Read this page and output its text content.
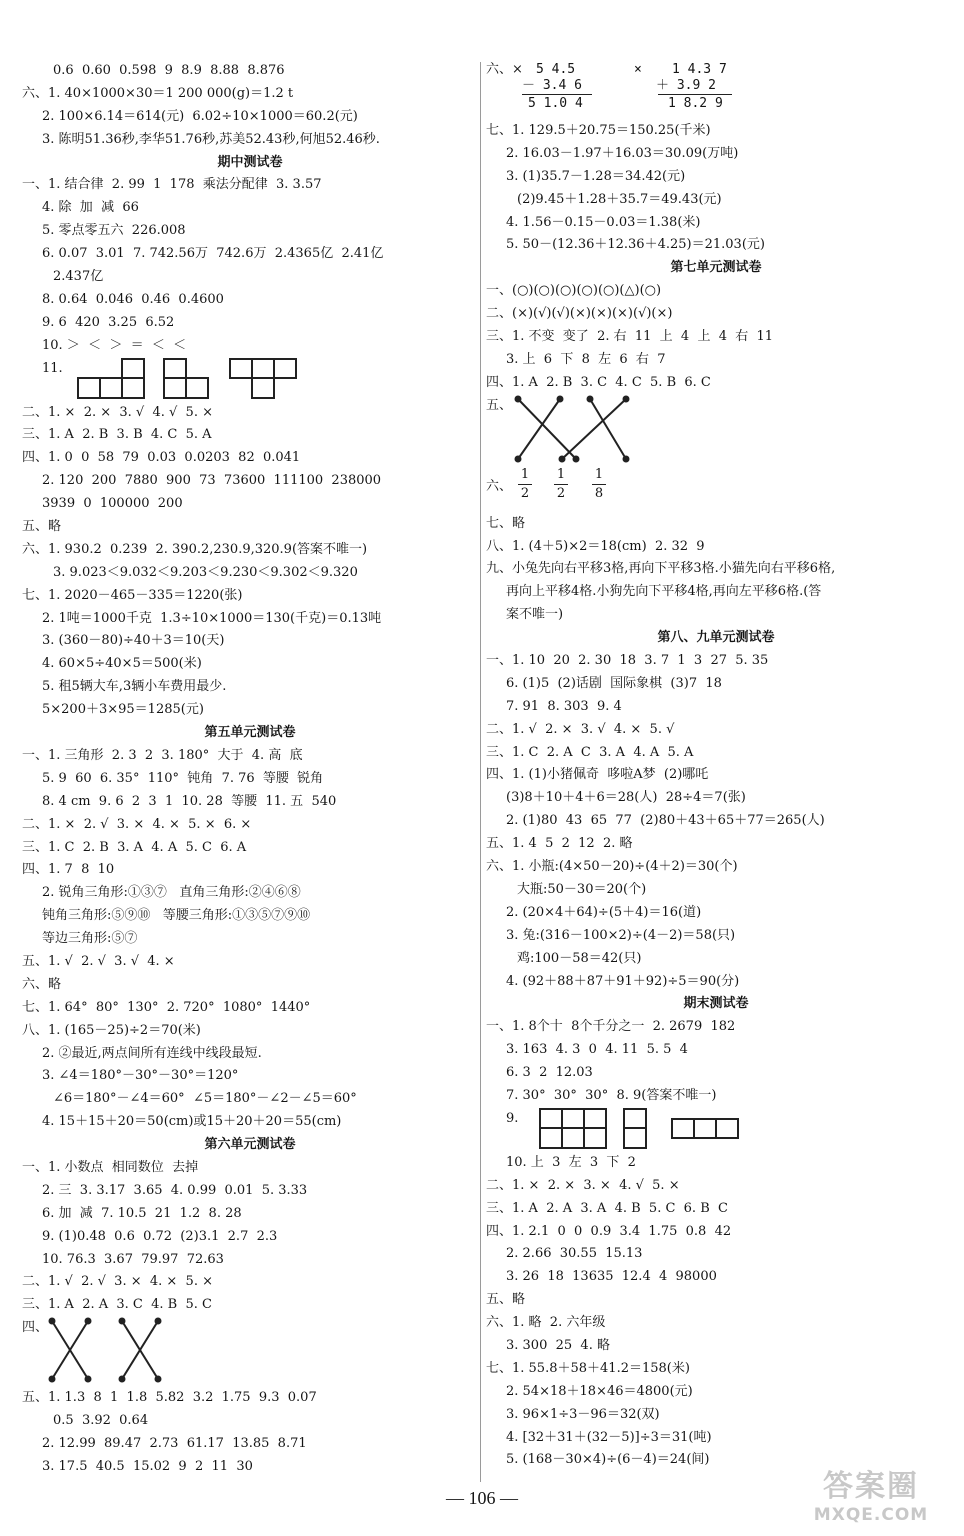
0.6  0.60  0.598  9  8.9  8.88  8.876
六、1. 40×1000×30＝1 200 000(g)＝1.2 t
2. 100×6.14＝614(元)  6.02÷10×1000＝60.2(元)
3. 陈明51.36秒,李华51.76秒,苏美52.43秒,何旭52.46秒.
期中测试卷
一、1. 结合律  2. 99  1  178  乘法分配律  3. 3.57
4. 除  加  减  66
5. 零点零五六  226.008
6. 0.07  3.01  7. 742.56万  742.6万  2.4365亿  2.41亿
2.437亿
8. 0.64  0.046  0.46  0.4600
9. 6  420  3.25  6.52
10. ＞  ＜  ＞  ＝  ＜  ＜
11.
二、1. ×  2. ×  3. √  4. √  5. ×
三、1. A  2. B  3. B  4. C  5. A
四、1. 0  0  58  79  0.03  0.0203  82  0.041
2. 120  200  7880  900  73  73600  111100  238000
3939  0  100000  200
五、略
六、1. 930.2  0.239  2. 390.2,230.9,320.9(答案不唯一)
3. 9.023＜9.032＜9.203＜9.230＜9.302＜9.320
七、1. 2020－465－335＝1220(张)
2. 1吨＝1000千克  1.3÷10×1000＝130(千克)＝0.13吨
3. (360－80)÷40＋3＝10(天)
4. 60×5÷40×5＝500(米)
5. 租5辆大车,3辆小车费用最少.
5×200＋3×95＝1285(元)
第五单元测试卷
一、1. 三角形  2. 3  2  3. 180°  大于  4. 高  底
5. 9  60  6. 35°  110°  钝角  7. 76  等腰  锐角
8. 4 cm  9. 6  2  3  1  10. 28  等腰  11. 五  540
二、1. ×  2. √  3. ×  4. ×  5. ×  6. ×
三、1. C  2. B  3. A  4. A  5. C  6. A
四、1. 7  8  10
2. 锐角三角形:①③⑦   直角三角形:②④⑥⑧
钝角三角形:⑤⑨⑩   等腰三角形:①③⑤⑦⑨⑩
等边三角形:⑤⑦
五、1. √  2. √  3. √  4. ×
六、略
七、1. 64°  80°  130°  2. 720°  1080°  1440°
八、1. (165－25)÷2＝70(米)
2. ②最近,两点间所有连线中线段最短.
3. ∠4＝180°－30°－30°＝120°
∠6＝180°－∠4＝60°  ∠5＝180°－∠2－∠5＝60°
4. 15＋15＋20＝50(cm)或15＋20＋20＝55(cm)
第六单元测试卷
一、1. 小数点  相同数位  去掉
2. 三  3. 3.17  3.65  4. 0.99  0.01  5. 3.33
6. 加  减  7. 10.5  21  1.2  8. 28
9. (1)0.48  0.6  0.72  (2)3.1  2.7  2.3
10. 76.3  3.67  79.97  72.63
二、1. √  2. √  3. ×  4. ×  5. ×
三、1. A  2. A  3. C  4. B  5. C
四、
五、1. 1.3  8  1  1.8  5.82  3.2  1.75  9.3  0.07
0.5  3.92  0.64
2. 12.99  89.47  2.73  61.17  13.85  8.71
3. 17.5  40.5  15.02  9  2  11  30
六、× 5 4.5
－ 3.4 6
5 1.0 4
× 1 4.3 7
＋ 3.9 2
1 8.2 9
七、1. 129.5＋20.75＝150.25(千米)
2. 16.03－1.97＋16.03＝30.09(万吨)
3. (1)35.7－1.28＝34.42(元)
(2)9.45＋1.28＋35.7＝49.43(元)
4. 1.56－0.15－0.03＝1.38(米)
5. 50－(12.36＋12.36＋4.25)＝21.03(元)
第七单元测试卷
一、(○)(○)(○)(○)(○)(△)(○)
二、(×)(√)(√)(×)(×)(×)(√)(×)
三、1. 不变  变了  2. 右  11  上  4  上  4  右  11
3. 上  6  下  8  左  6  右  7
四、1. A  2. B  3. C  4. C  5. B  6. C
五、
六、
1
2
1
2
1
8
七、略
八、1. (4＋5)×2＝18(cm)  2. 32  9
九、小兔先向右平移3格,再向下平移3格.小猫先向右平移6格,
再向上平移4格.小狗先向下平移4格,再向左平移6格.(答
案不唯一)
第八、九单元测试卷
一、1. 10  20  2. 30  18  3. 7  1  3  27  5. 35
6. (1)5  (2)话剧  国际象棋  (3)7  18
7. 91  8. 303  9. 4
二、1. √  2. ×  3. √  4. ×  5. √
三、1. C  2. A  C  3. A  4. A  5. A
四、1. (1)小猪佩奇  哆啦A梦  (2)哪吒
(3)8＋10＋4＋6＝28(人)  28÷4＝7(张)
2. (1)80  43  65  77  (2)80＋43＋65＋77＝265(人)
五、1. 4  5  2  12  2. 略
六、1. 小瓶:(4×50－20)÷(4＋2)＝30(个)
大瓶:50－30＝20(个)
2. (20×4＋64)÷(5＋4)＝16(道)
3. 兔:(316－100×2)÷(4－2)＝58(只)
鸡:100－58＝42(只)
4. (92＋88＋87＋91＋92)÷5＝90(分)
期末测试卷
一、1. 8个十  8个千分之一  2. 2679  182
3. 163  4. 3  0  4. 11  5. 5  4
6. 3  2  12.03
7. 30°  30°  30°  8. 9(答案不唯一)
9.
10. 上  3  左  3  下  2
二、1. ×  2. ×  3. ×  4. √  5. ×
三、1. A  2. A  3. A  4. B  5. C  6. B  C
四、1. 2.1  0  0  0.9  3.4  1.75  0.8  42
2. 2.66  30.55  15.13
3. 26  18  13635  12.4  4  98000
五、略
六、1. 略  2. 六年级
3. 300  25  4. 略
七、1. 55.8＋58＋41.2＝158(米)
2. 54×18＋18×46＝4800(元)
3. 96×1÷3－96＝32(双)
4. [32＋31＋(32－5)]÷3＝31(吨)
5. (168－30×4)÷(6－4)＝24(间)
— 106 —	答案圈
MXQE.COM
